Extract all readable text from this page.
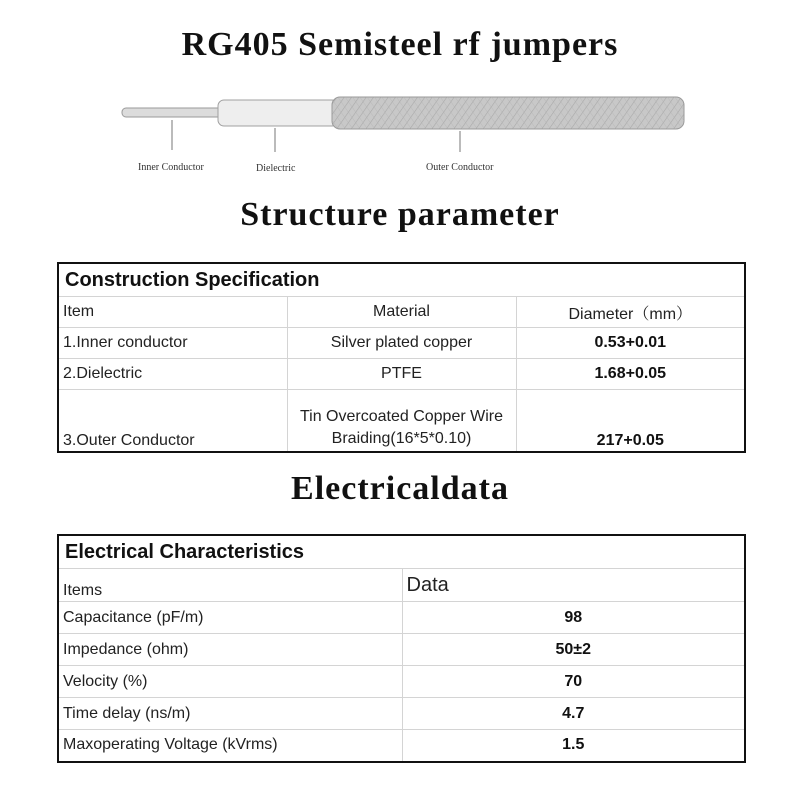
RG405 Semisteel rf jumpers
Inner Conductor	Dielectric	Outer Conductor
Structure parameter
Construction Specification		
Item	Material	Diameter（mm）
1.Inner conductor	Silver plated copper	0.53+0.01
2.Dielectric	PTFE	1.68+0.05
3.Outer Conductor	Tin Overcoated Copper Wire Braiding(16*5*0.10)	217+0.05
Electricaldata
Electrical Characteristics	
Items	Data
Capacitance (pF/m)	98
Impedance (ohm)	50±2
Velocity (%)	70
Time delay (ns/m)	4.7
Maxoperating Voltage (kVrms)	1.5
